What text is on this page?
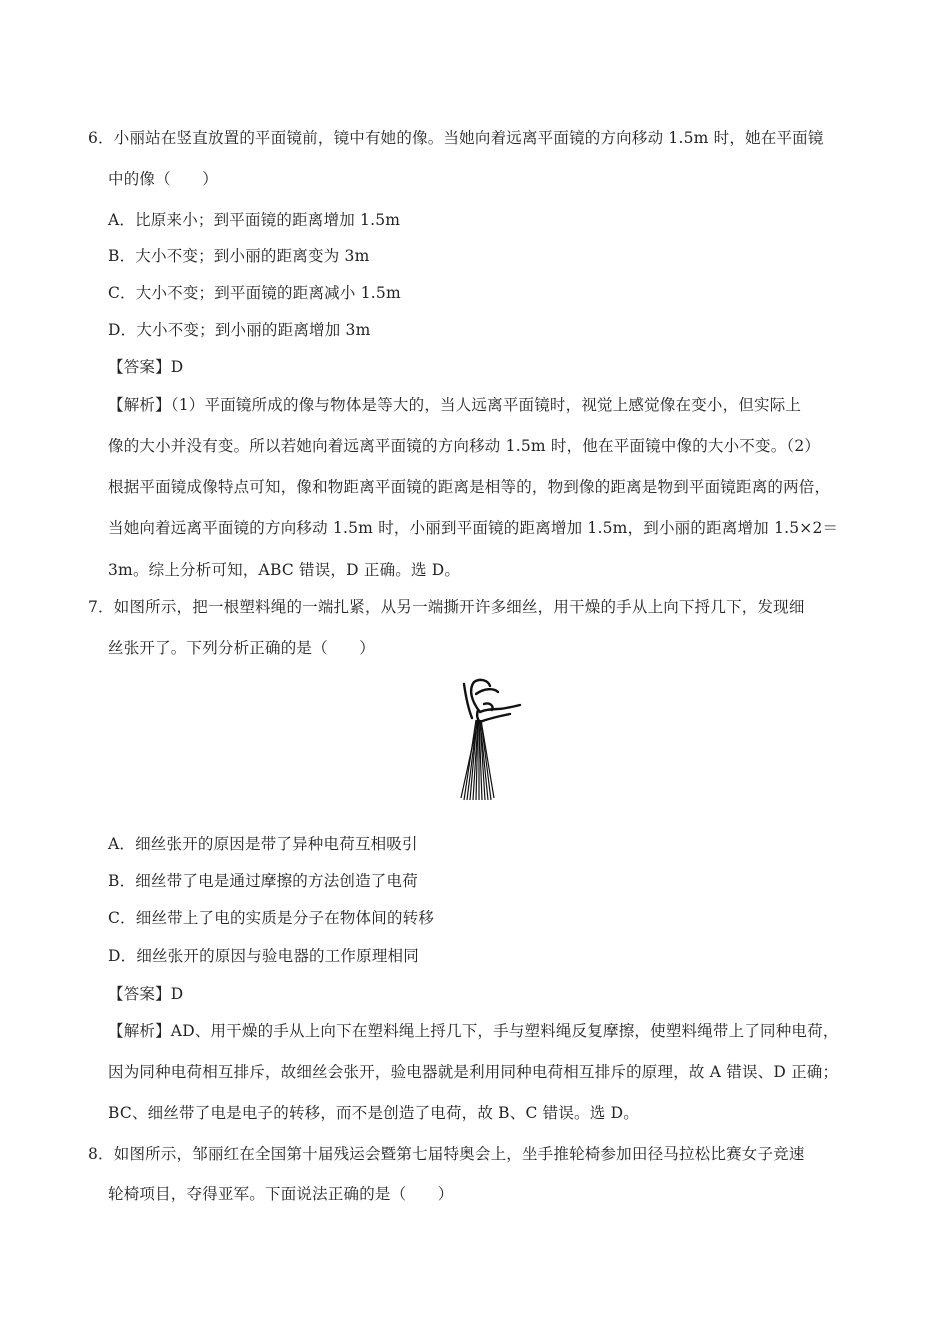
6．小丽站在竖直放置的平面镜前，镜中有她的像。当她向着远离平面镜的方向移动 1.5m 时，她在平面镜
中的像（　　）
A．比原来小；到平面镜的距离增加 1.5m
B．大小不变；到小丽的距离变为 3m
C．大小不变；到平面镜的距离减小 1.5m
D．大小不变；到小丽的距离增加 3m
【答案】D
【解析】（1）平面镜所成的像与物体是等大的，当人远离平面镜时，视觉上感觉像在变小，但实际上
像的大小并没有变。所以若她向着远离平面镜的方向移动 1.5m 时，他在平面镜中像的大小不变。（2）
根据平面镜成像特点可知，像和物距离平面镜的距离是相等的，物到像的距离是物到平面镜距离的两倍，
当她向着远离平面镜的方向移动 1.5m 时，小丽到平面镜的距离增加 1.5m，到小丽的距离增加 1.5×2＝
3m。综上分析可知，ABC 错误，D 正确。选 D。
7．如图所示，把一根塑料绳的一端扎紧，从另一端撕开许多细丝，用干燥的手从上向下捋几下，发现细
丝张开了。下列分析正确的是（　　）
A．细丝张开的原因是带了异种电荷互相吸引
B．细丝带了电是通过摩擦的方法创造了电荷
C．细丝带上了电的实质是分子在物体间的转移
D．细丝张开的原因与验电器的工作原理相同
【答案】D
【解析】AD、用干燥的手从上向下在塑料绳上捋几下，手与塑料绳反复摩擦，使塑料绳带上了同种电荷，
因为同种电荷相互排斥，故细丝会张开，验电器就是利用同种电荷相互排斥的原理，故 A 错误、D 正确；
BC、细丝带了电是电子的转移，而不是创造了电荷，故 B、C 错误。选 D。
8．如图所示，邹丽红在全国第十届残运会暨第七届特奥会上，坐手推轮椅参加田径马拉松比赛女子竞速
轮椅项目，夺得亚军。下面说法正确的是（　　）
